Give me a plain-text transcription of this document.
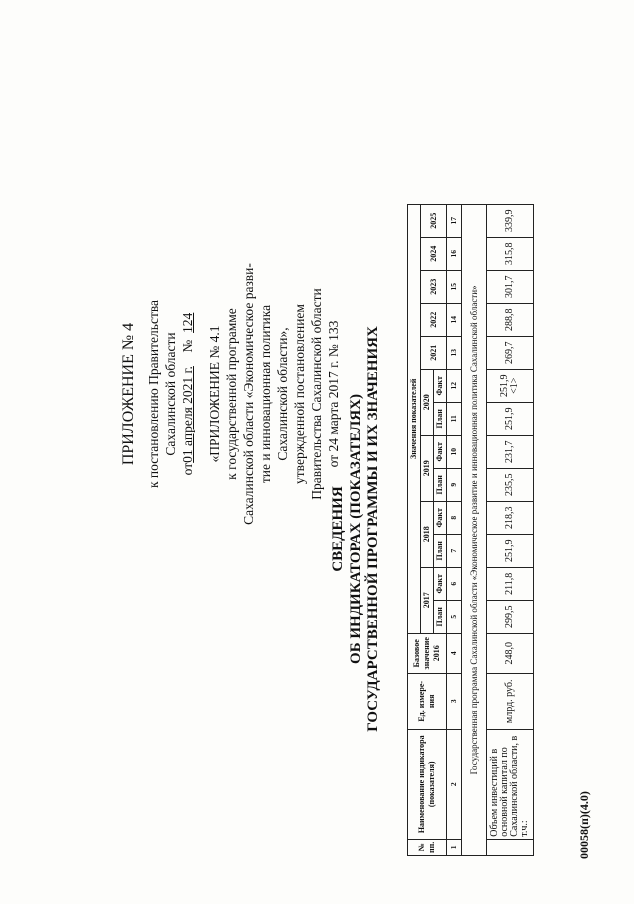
ПРИЛОЖЕНИЕ № 4 к постановлению Правительства Сахалинской области
от01 апреля 2021 г.    №  124
«ПРИЛОЖЕНИЕ № 4.1 к государственной программе Сахалинской области «Экономическое разви- тие и инновационная политика Сахалинской области», утвержденной постановлением Правительства Сахалинской области от 24 марта 2017 г. № 133
СВЕДЕНИЯ ОБ ИНДИКАТОРАХ (ПОКАЗАТЕЛЯХ) ГОСУДАРСТВЕННОЙ ПРОГРАММЫ И ИХ ЗНАЧЕНИЯХ
№ пп.	Наименование индикатора (показателя)	Ед. измере-ния	Базовое значение 2016	Значения показателей												
				2017		2018		2019		2020		2021	2022	2023	2024	2025
				План	Факт	План	Факт	План	Факт	План	Факт					
1	2	3	4	5	6	7	8	9	10	11	12	13	14	15	16	17
Государственная программа Сахалинской области «Экономическое развитие и инновационная политика Сахалинской области»																
	Объем инвестиций в основной капитал по Сахалинской области, в т.ч.:	млрд. руб.	248,0	299,5	211,8	251,9	218,3	235,5	231,7	251,9	251,9 <1>	269,7	288,8	301,7	315,8	339,9
00058(п)(4.0)
